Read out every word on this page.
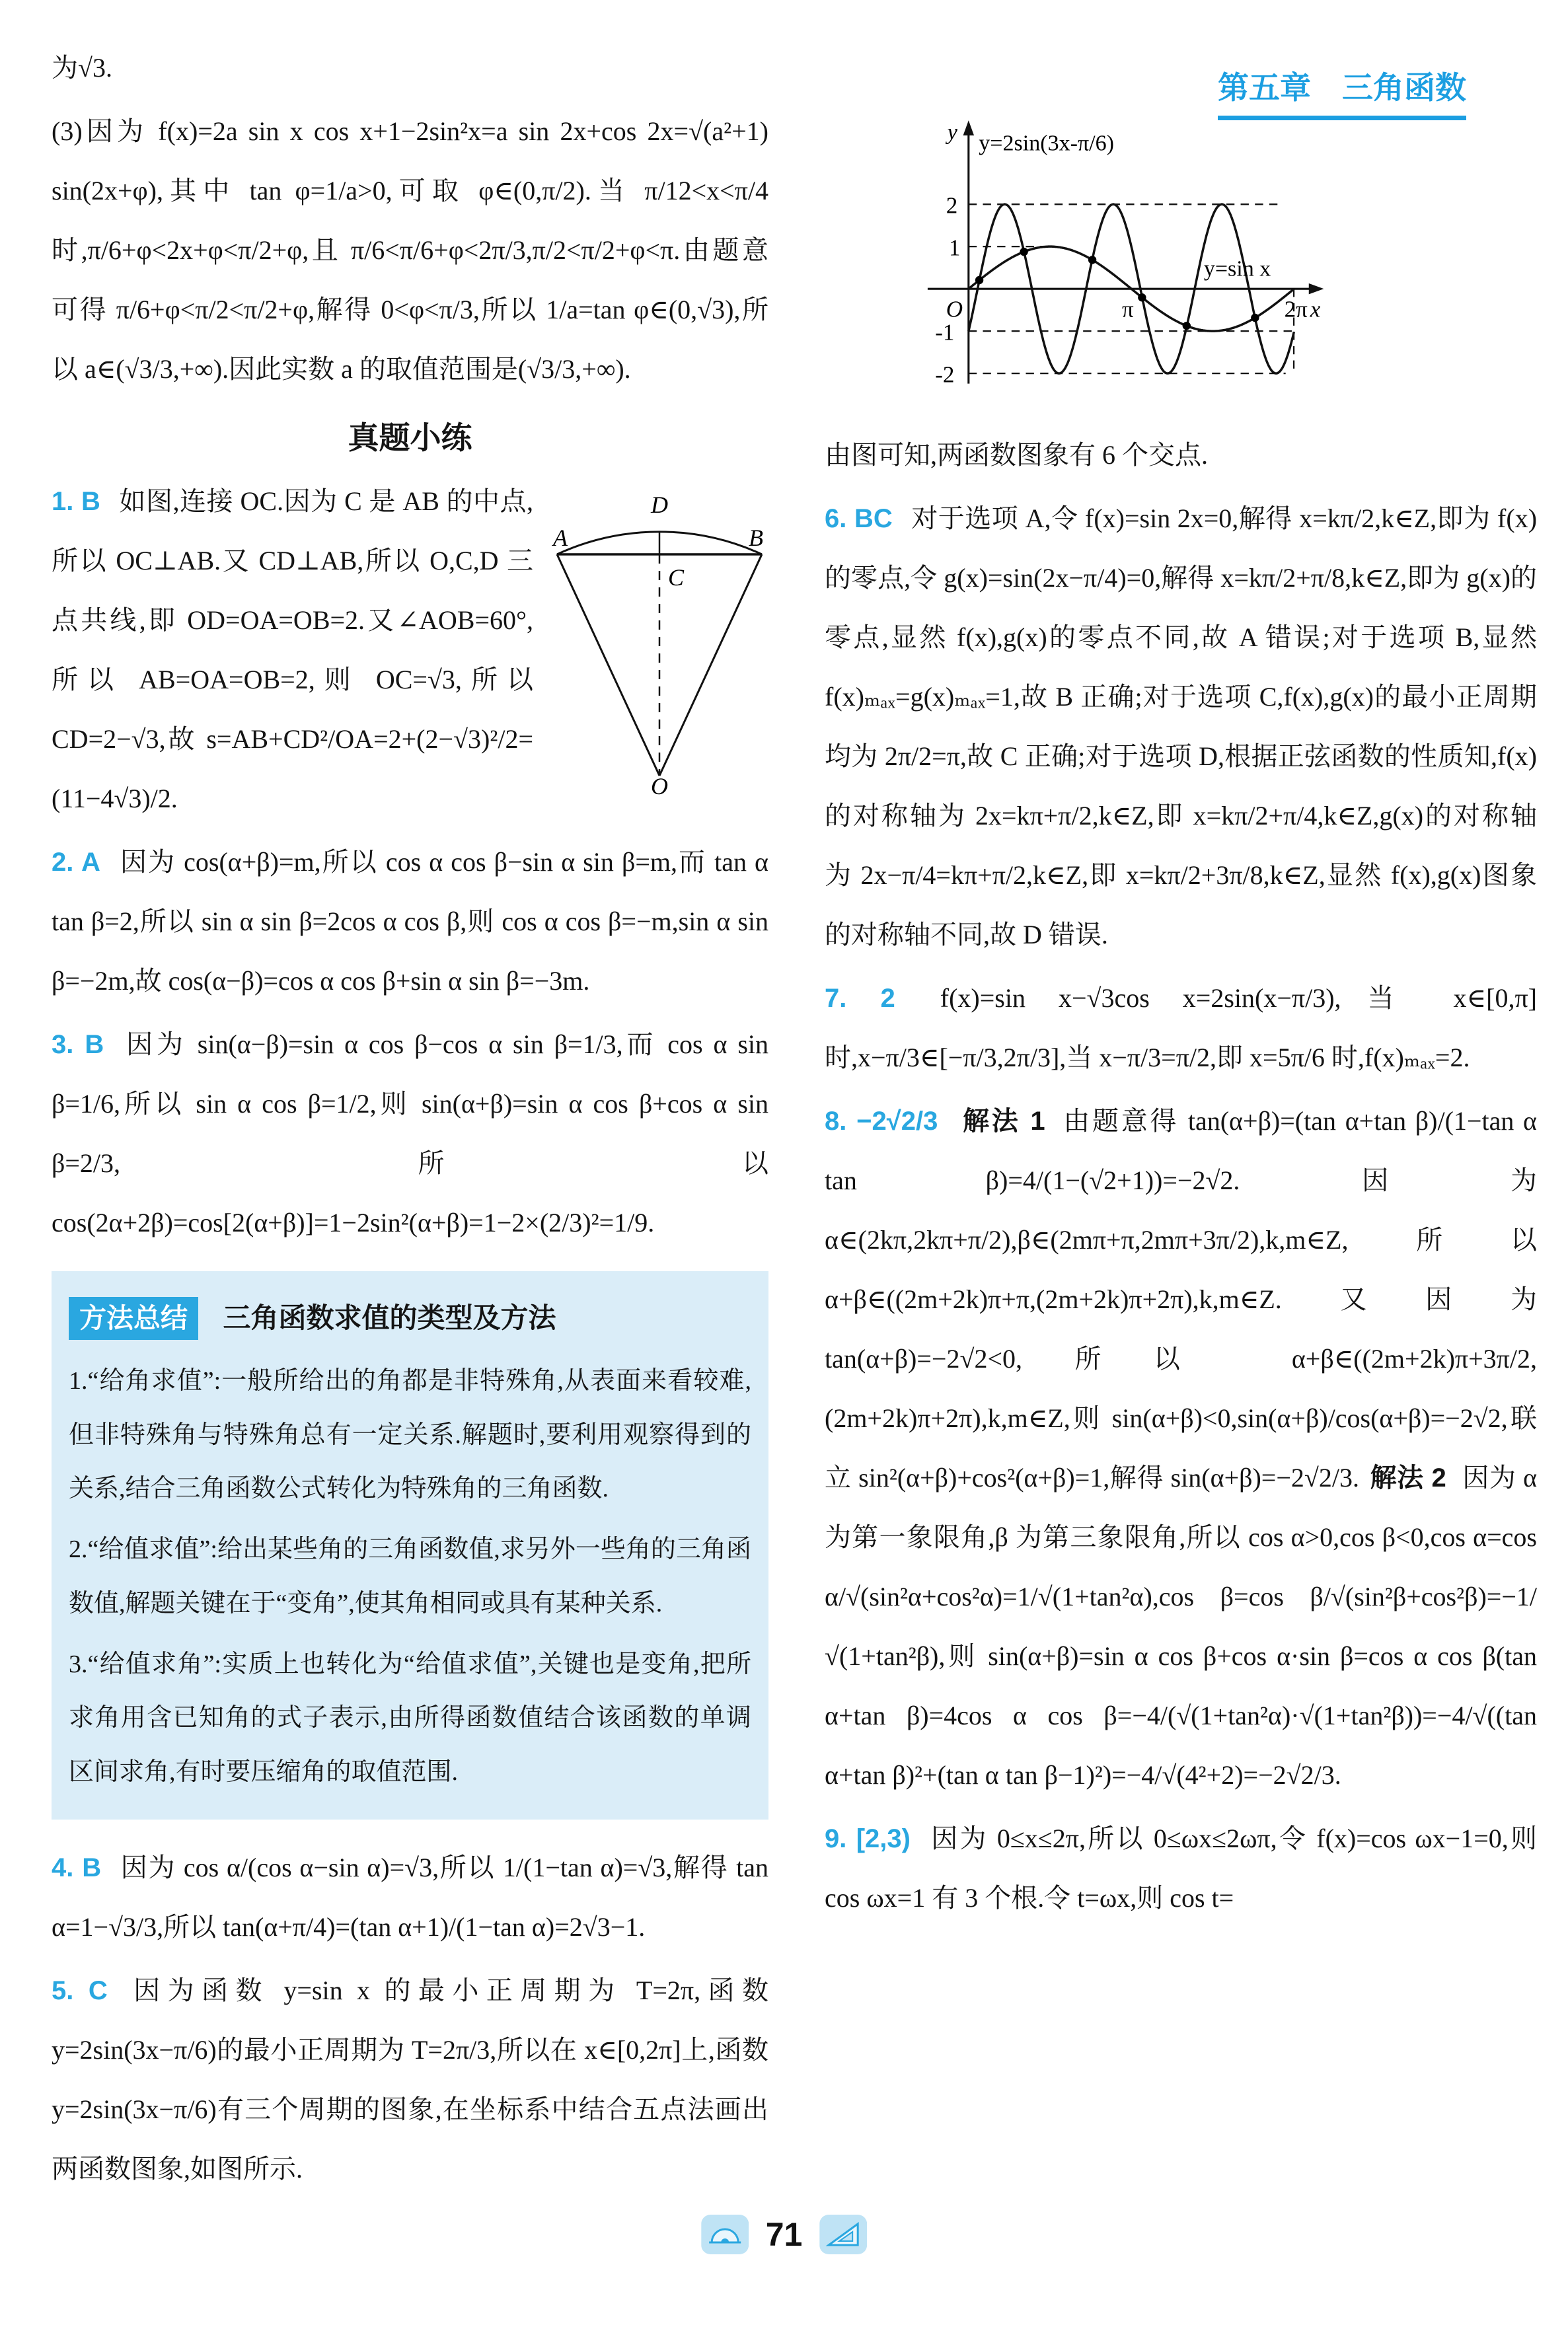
第五章　三角函数

为√3.

(3)因为 f(x)=2a sin x cos x+1−2sin²x=a sin 2x+cos 2x=√(a²+1) sin(2x+φ),其中 tan φ=1/a>0,可取 φ∈(0,π/2).当 π/12<x<π/4 时,π/6+φ<2x+φ<π/2+φ,且 π/6<π/6+φ<2π/3,π/2<π/2+φ<π.由题意可得 π/6+φ<π/2<π/2+φ,解得 0<φ<π/3,所以 1/a=tan φ∈(0,√3),所以 a∈(√3/3,+∞).因此实数 a 的取值范围是(√3/3,+∞).

真题小练

D
A	B
C
O
1. B 如图,连接 OC.因为 C 是 AB 的中点,所以 OC⊥AB.又 CD⊥AB,所以 O,C,D 三点共线,即 OD=OA=OB=2.又∠AOB=60°,所以 AB=OA=OB=2,则 OC=√3,所以 CD=2−√3,故 s=AB+CD²/OA=2+(2−√3)²/2=(11−4√3)/2.

2. A 因为 cos(α+β)=m,所以 cos α cos β−sin α sin β=m,而 tan α tan β=2,所以 sin α sin β=2cos α cos β,则 cos α cos β=−m,sin α sin β=−2m,故 cos(α−β)=cos α cos β+sin α sin β=−3m.

3. B 因为 sin(α−β)=sin α cos β−cos α sin β=1/3,而 cos α sin β=1/6,所以 sin α cos β=1/2,则 sin(α+β)=sin α cos β+cos α sin β=2/3,所以 cos(2α+2β)=cos[2(α+β)]=1−2sin²(α+β)=1−2×(2/3)²=1/9.

方法总结 三角函数求值的类型及方法

1.“给角求值”:一般所给出的角都是非特殊角,从表面来看较难,但非特殊角与特殊角总有一定关系.解题时,要利用观察得到的关系,结合三角函数公式转化为特殊角的三角函数.

2.“给值求值”:给出某些角的三角函数值,求另外一些角的三角函数值,解题关键在于“变角”,使其角相同或具有某种关系.

3.“给值求角”:实质上也转化为“给值求值”,关键也是变角,把所求角用含已知角的式子表示,由所得函数值结合该函数的单调区间求角,有时要压缩角的取值范围.

4. B 因为 cos α/(cos α−sin α)=√3,所以 1/(1−tan α)=√3,解得 tan α=1−√3/3,所以 tan(α+π/4)=(tan α+1)/(1−tan α)=2√3−1.

5. C 因为函数 y=sin x 的最小正周期为 T=2π,函数 y=2sin(3x−π/6)的最小正周期为 T=2π/3,所以在 x∈[0,2π]上,函数 y=2sin(3x−π/6)有三个周期的图象,在坐标系中结合五点法画出两函数图象,如图所示.

y y=2sin(3x-π/6)
y=sin x
2
1
-1
-2
O	π	2π x

由图可知,两函数图象有 6 个交点.

6. BC 对于选项 A,令 f(x)=sin 2x=0,解得 x=kπ/2,k∈Z,即为 f(x)的零点,令 g(x)=sin(2x−π/4)=0,解得 x=kπ/2+π/8,k∈Z,即为 g(x)的零点,显然 f(x),g(x)的零点不同,故 A 错误;对于选项 B,显然 f(x)ₘₐₓ=g(x)ₘₐₓ=1,故 B 正确;对于选项 C,f(x),g(x)的最小正周期均为 2π/2=π,故 C 正确;对于选项 D,根据正弦函数的性质知,f(x)的对称轴为 2x=kπ+π/2,k∈Z,即 x=kπ/2+π/4,k∈Z,g(x)的对称轴为 2x−π/4=kπ+π/2,k∈Z,即 x=kπ/2+3π/8,k∈Z,显然 f(x),g(x)图象的对称轴不同,故 D 错误.

7. 2 f(x)=sin x−√3cos x=2sin(x−π/3),当 x∈[0,π]时,x−π/3∈[−π/3,2π/3],当 x−π/3=π/2,即 x=5π/6 时,f(x)ₘₐₓ=2.

8. −2√2/3 解法 1 由题意得 tan(α+β)=(tan α+tan β)/(1−tan α tan β)=4/(1−(√2+1))=−2√2.因为 α∈(2kπ,2kπ+π/2),β∈(2mπ+π,2mπ+3π/2),k,m∈Z,所以 α+β∈((2m+2k)π+π,(2m+2k)π+2π),k,m∈Z.又因为 tan(α+β)=−2√2<0,所以 α+β∈((2m+2k)π+3π/2,(2m+2k)π+2π),k,m∈Z,则 sin(α+β)<0,sin(α+β)/cos(α+β)=−2√2,联立 sin²(α+β)+cos²(α+β)=1,解得 sin(α+β)=−2√2/3. 解法 2 因为 α 为第一象限角,β 为第三象限角,所以 cos α>0,cos β<0,cos α=cos α/√(sin²α+cos²α)=1/√(1+tan²α),cos β=cos β/√(sin²β+cos²β)=−1/√(1+tan²β),则 sin(α+β)=sin α cos β+cos α·sin β=cos α cos β(tan α+tan β)=4cos α cos β=−4/(√(1+tan²α)·√(1+tan²β))=−4/√((tan α+tan β)²+(tan α tan β−1)²)=−4/√(4²+2)=−2√2/3.

9. [2,3) 因为 0≤x≤2π,所以 0≤ωx≤2ωπ,令 f(x)=cos ωx−1=0,则 cos ωx=1 有 3 个根.令 t=ωx,则 cos t=

71
